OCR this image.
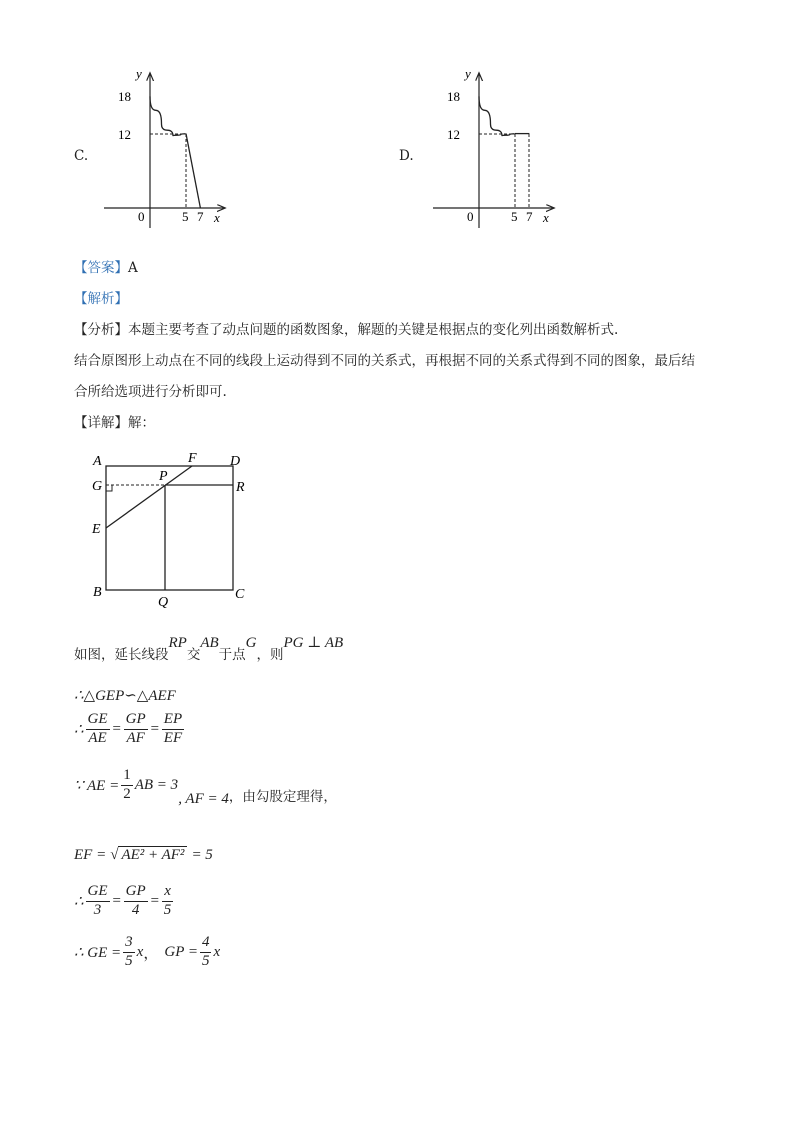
C.
y
x
0
18
12
5 7
D.
y
x
0
18
12
5 7
【答案】A
【解析】
【分析】本题主要考查了动点问题的函数图象，解题的关键是根据点的变化列出函数解析式.
结合原图形上动点在不同的线段上运动得到不同的关系式，再根据不同的关系式得到不同的图象，最后结
合所给选项进行分析即可.
【详解】解：
A	F D
G
P
R
E
B
Q
C
如图，延长线段RP交AB于点G，则PG ⊥ AB
∴△GEP∽△AEF
∴ $\frac{GE}{AE} = \frac{GP}{AF} = \frac{EP}{EF}$
∵ AE = $\frac{1}{2}$ AB = 3
, AF = 4 ，由勾股定理得，
EF = √ AE² + AF² = 5
∴ $\frac{GE}{3} = \frac{GP}{4} = \frac{x}{5}$
∴ GE = $\frac{3}{5}$ x ， GP = $\frac{4}{5}$ x
